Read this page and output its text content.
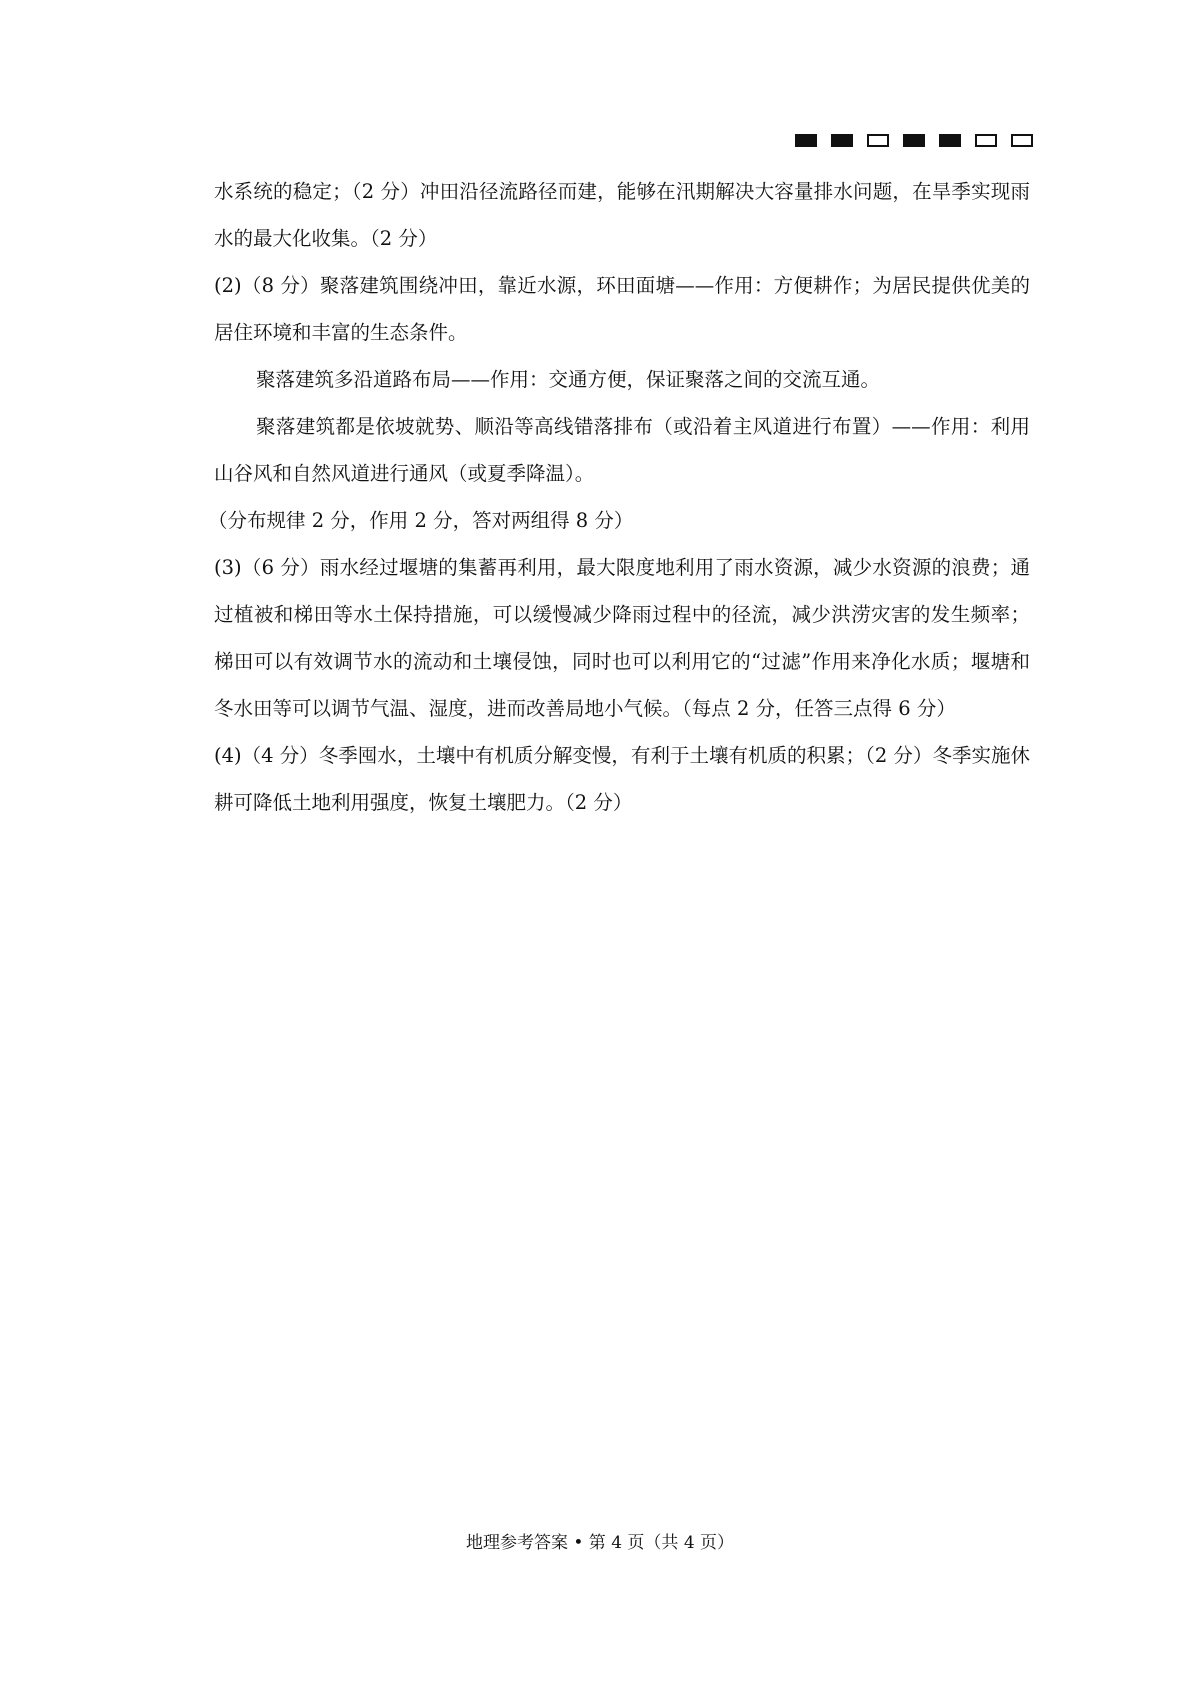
水系统的稳定；（2 分）冲田沿径流路径而建，能够在汛期解决大容量排水问题，在旱季实现雨水的最大化收集。（2 分）

(2)（8 分）聚落建筑围绕冲田，靠近水源，环田面塘——作用：方便耕作；为居民提供优美的居住环境和丰富的生态条件。

聚落建筑多沿道路布局——作用：交通方便，保证聚落之间的交流互通。

聚落建筑都是依坡就势、顺沿等高线错落排布（或沿着主风道进行布置）——作用：利用山谷风和自然风道进行通风（或夏季降温）。

（分布规律 2 分，作用 2 分，答对两组得 8 分）

(3)（6 分）雨水经过堰塘的集蓄再利用，最大限度地利用了雨水资源，减少水资源的浪费；通过植被和梯田等水土保持措施，可以缓慢减少降雨过程中的径流，减少洪涝灾害的发生频率；梯田可以有效调节水的流动和土壤侵蚀，同时也可以利用它的“过滤”作用来净化水质；堰塘和冬水田等可以调节气温、湿度，进而改善局地小气候。（每点 2 分，任答三点得 6 分）

(4)（4 分）冬季囤水，土壤中有机质分解变慢，有利于土壤有机质的积累；（2 分）冬季实施休耕可降低土地利用强度，恢复土壤肥力。（2 分）

地理参考答案 • 第 4 页（共 4 页）
